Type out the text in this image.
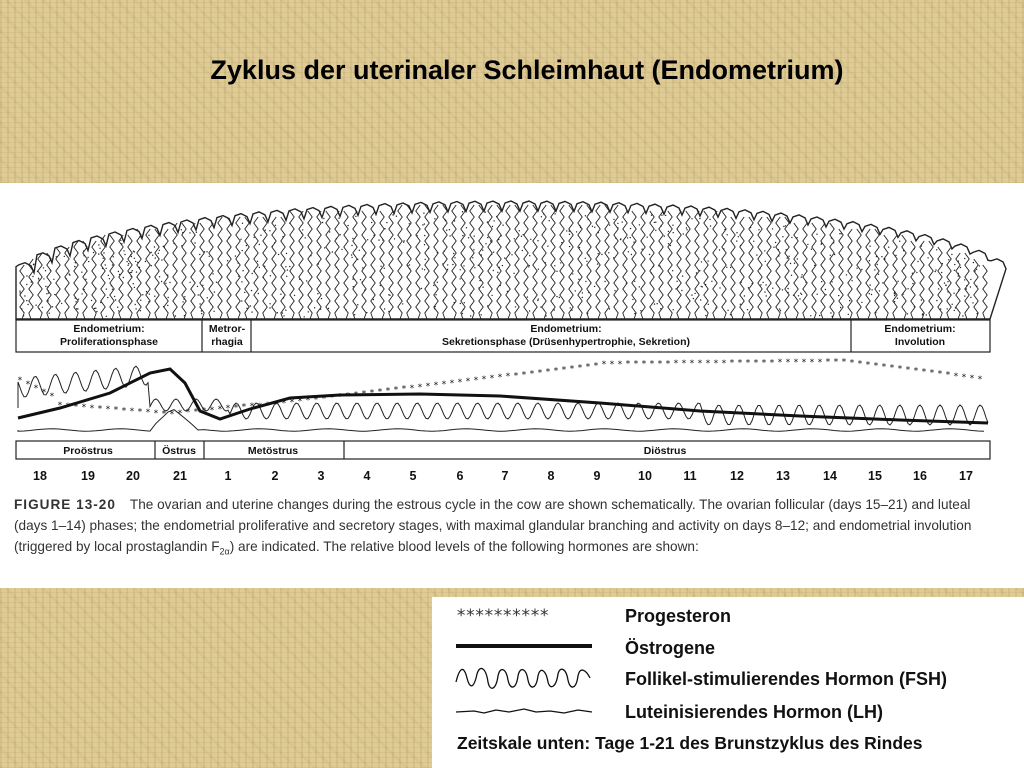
Zyklus der uterinaler Schleimhaut (Endometrium)
Endometrium:
Proliferationsphase
Metror-
rhagia
Endometrium:
Sekretionsphase (Drüsenhypertrophie, Sekretion)
Endometrium:
Involution
* * * * *
* * * * * * * * * * * * * * * * * * * * * * * * * * * * * * * * * * * * * * * * * * * * * * * * * * * * * * * * * * * * * * * * * * * * * * * * * * * * * * * * * * * * * * * * * * * * * * * * * * * * * * * * * * * * * * * * * * * *
Proöstrus	Östrus	Metöstrus	Diöstrus
18	19 20	21	1	2	3	4	5	6	7	8	9	10	11	12	13	14 15 16	17
FIGURE 13-20 The ovarian and uterine changes during the estrous cycle in the cow are shown schematically. The ovarian follicular (days 15–21) and luteal (days 1–14) phases; the endometrial proliferative and secretory stages, with maximal glandular branching and activity on days 8–12; and endometrial involution (triggered by local prostaglandin $F_{2\alpha}$) are indicated. The relative blood levels of the following hormones are shown:
**********	Progesteron
Östrogene
Follikel-stimulierendes Hormon (FSH)
Luteinisierendes Hormon (LH)
Zeitskale unten: Tage 1-21 des Brunstzyklus des Rindes
